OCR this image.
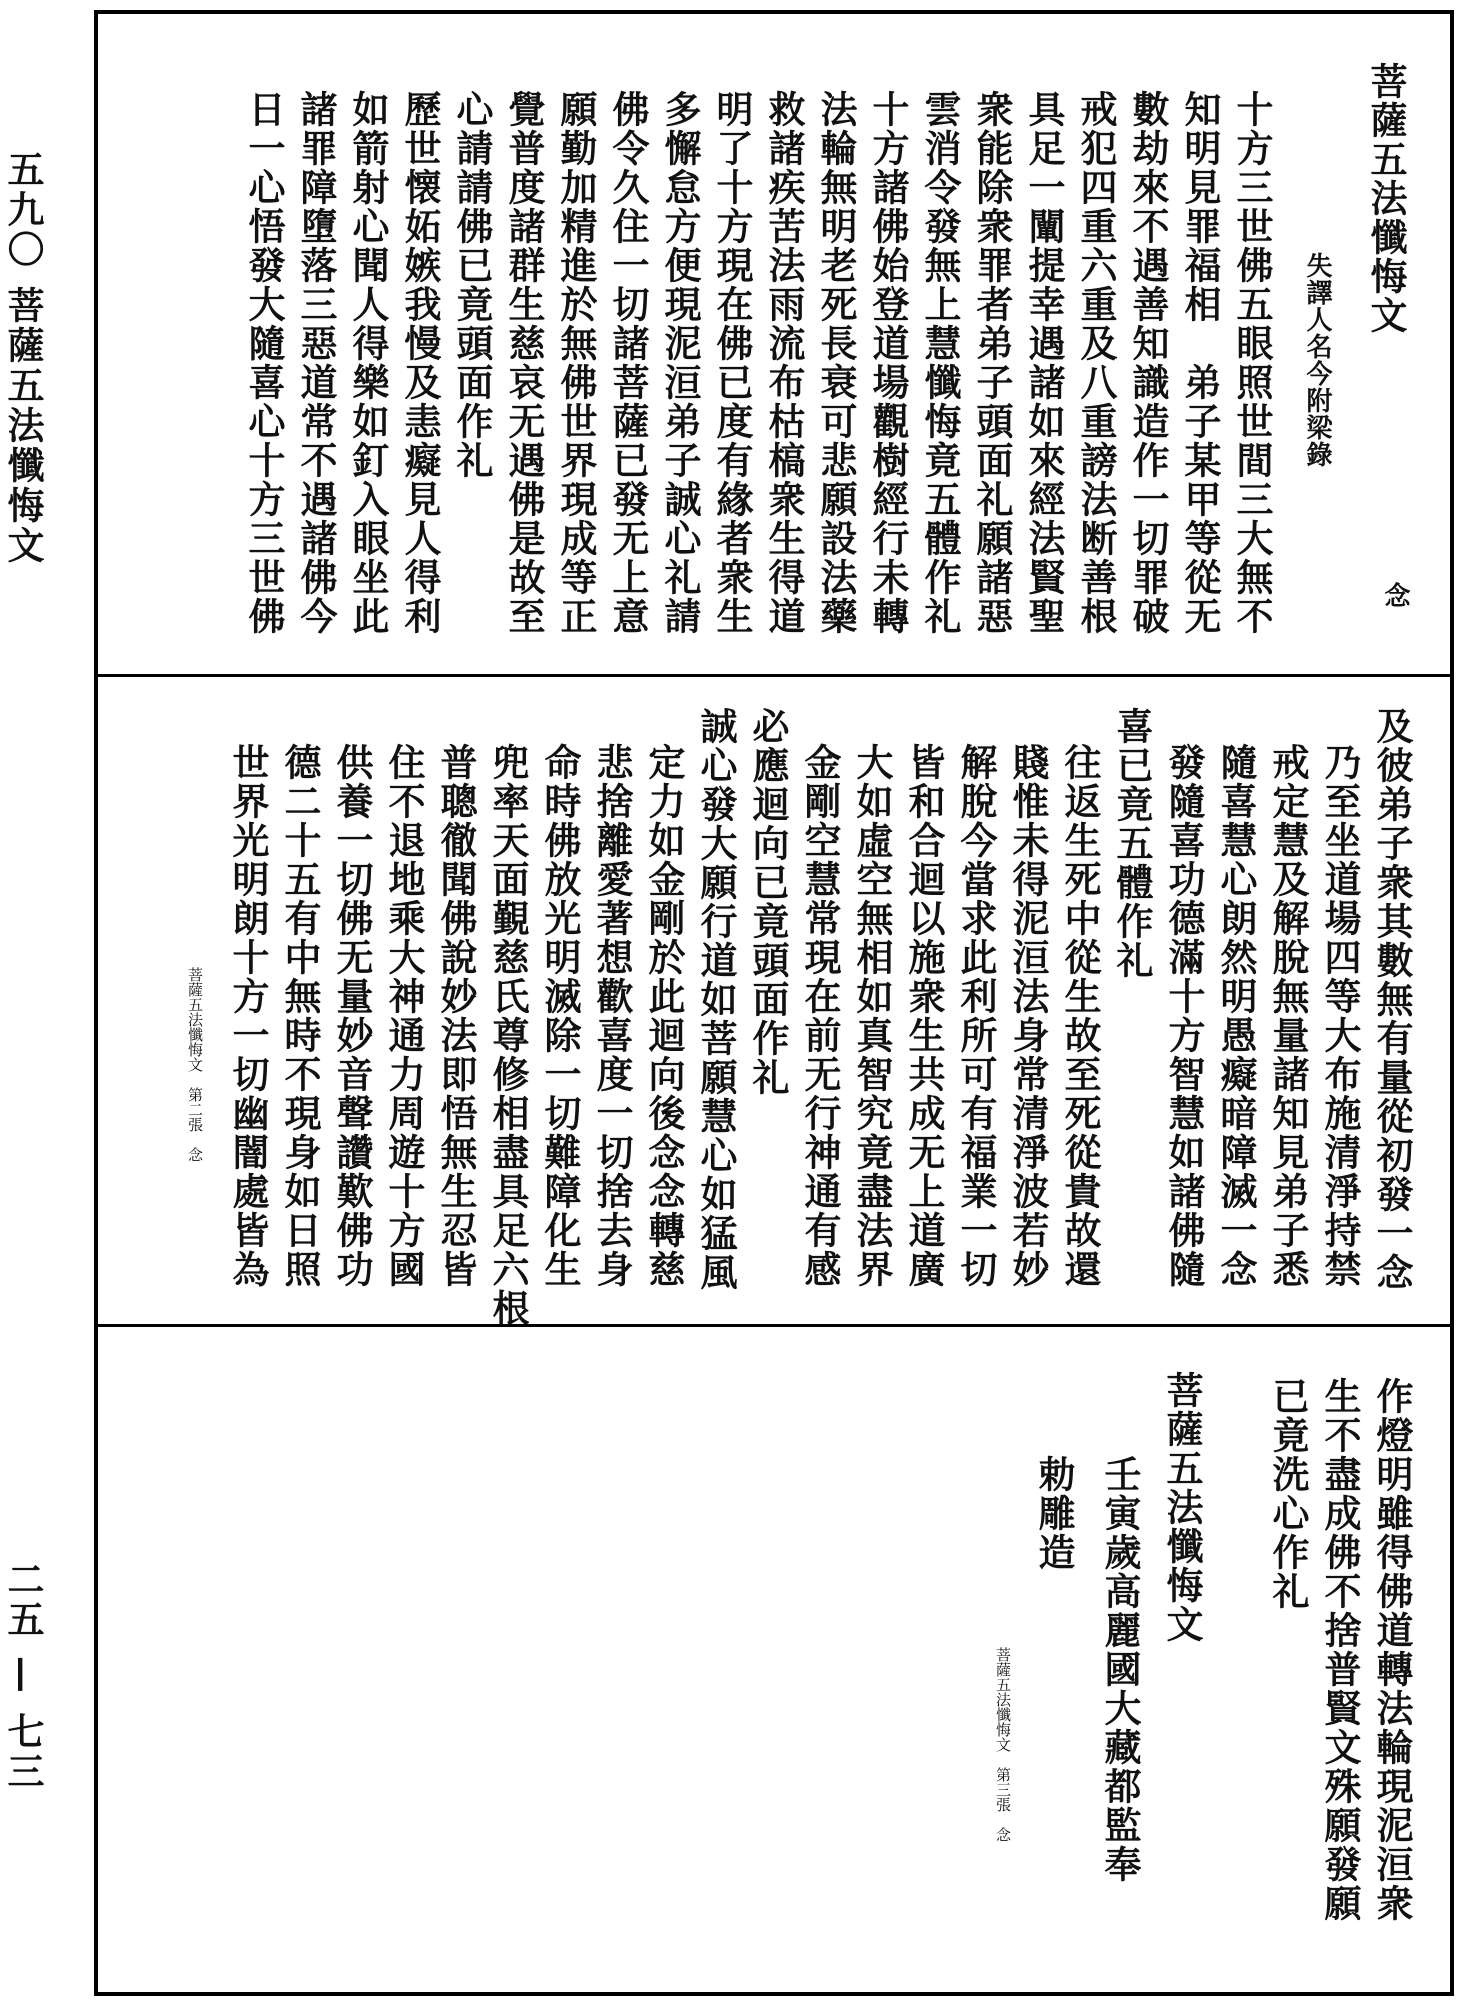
五九〇 菩薩五法懺悔文
二五 — 七三
菩薩五法懺悔文
失譯人名今附梁錄
十方三世佛五眼照世間三大無不
知明見罪福相　弟子某甲等從无
數劫來不遇善知識造作一切罪破
戒犯四重六重及八重謗法断善根
具足一闡提幸遇諸如來經法賢聖
衆能除衆罪者弟子頭面礼願諸惡
雲消令發無上慧懺悔竟五體作礼
十方諸佛始登道場觀樹經行未轉
法輪無明老死長衰可悲願設法藥
救諸疾苦法雨流布枯槁衆生得道
明了十方現在佛已度有緣者衆生
多懈怠方便現泥洹弟子誠心礼請
佛令久住一切諸菩薩已發无上意
願勤加精進於無佛世界現成等正
覺普度諸群生慈哀无遇佛是故至
心請請佛已竟頭面作礼
歷世懐妬嫉我慢及恚癡見人得利
如箭射心聞人得樂如釘入眼坐此
諸罪障墮落三惡道常不遇諸佛今
日一心悟發大隨喜心十方三世佛	念
及彼弟子衆其數無有量從初發一念
乃至坐道場四等大布施清淨持禁
戒定慧及解脫無量諸知見弟子悉
隨喜慧心朗然明愚癡暗障滅一念
發隨喜功德滿十方智慧如諸佛隨
喜已竟五體作礼
往返生死中從生故至死從貴故還
賤惟未得泥洹法身常清淨波若妙
解脫今當求此利所可有福業一切
皆和合迴以施衆生共成无上道廣
大如虛空無相如真智究竟盡法界
金剛空慧常現在前无行神通有感
必應迴向已竟頭面作礼
誠心發大願行道如菩願慧心如猛風
定力如金剛於此迴向後念念轉慈
悲捨離愛著想歡喜度一切捨去身
命時佛放光明滅除一切難障化生
兜率天面覲慈氏尊修相盡具足六根
普聰徹聞佛說妙法即悟無生忍皆
住不退地乘大神通力周遊十方國
供養一切佛无量妙音聲讚歎佛功
德二十五有中無時不現身如日照
世界光明朗十方一切幽闇處皆為
菩薩五法懺悔文　第二張　念
作燈明雖得佛道轉法輪現泥洹衆
生不盡成佛不捨普賢文殊願發願
已竟洗心作礼
菩薩五法懺悔文
壬寅歲高麗國大藏都監奉
勅雕造
菩薩五法懺悔文　第三張　念
